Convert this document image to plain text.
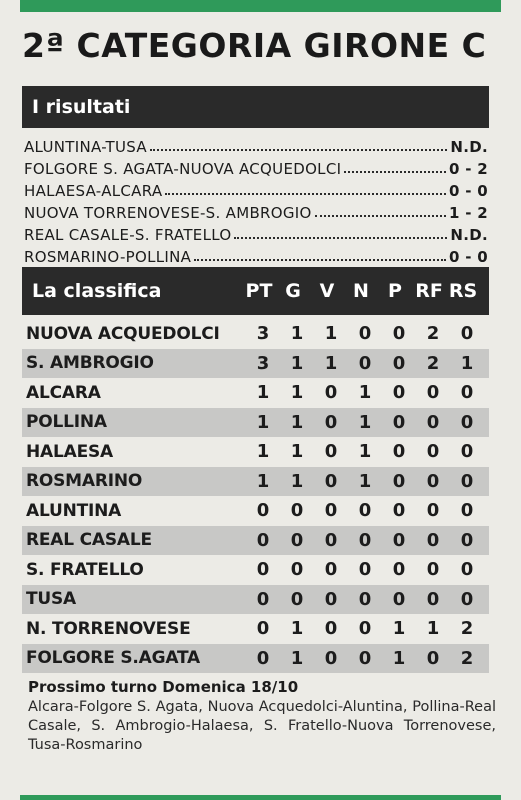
2ª CATEGORIA GIRONE C
I risultati
ALUNTINA-TUSA	N.D.
FOLGORE S. AGATA-NUOVA ACQUEDOLCI	0 - 2
HALAESA-ALCARA	0 - 0
NUOVA TORRENOVESE-S. AMBROGIO	1 - 2
REAL CASALE-S. FRATELLO	N.D.
ROSMARINO-POLLINA	0 - 0
La classifica	PT G V N	P RF RS
NUOVA ACQUEDOLCI	3	1	1	0	0	2	0
S. AMBROGIO	3	1	1	0	0	2	1
ALCARA	1	1	0	1	0	0	0
POLLINA	1	1	0	1	0	0	0
HALAESA	1	1	0	1	0	0	0
ROSMARINO	1	1	0	1	0	0	0
ALUNTINA	0	0	0	0	0	0	0
REAL CASALE	0	0	0	0	0	0	0
S. FRATELLO	0	0	0	0	0	0	0
TUSA	0	0	0	0	0	0	0
N. TORRENOVESE	0	1	0	0	1	1	2
FOLGORE S.AGATA	0	1	0	0	1	0	2
Prossimo turno Domenica 18/10
Alcara-Folgore S. Agata, Nuova Acquedolci-Aluntina, Pollina-Real Casale, S. Ambrogio-Halaesa, S. Fratello-Nuova Torrenovese, Tusa-Rosmarino
